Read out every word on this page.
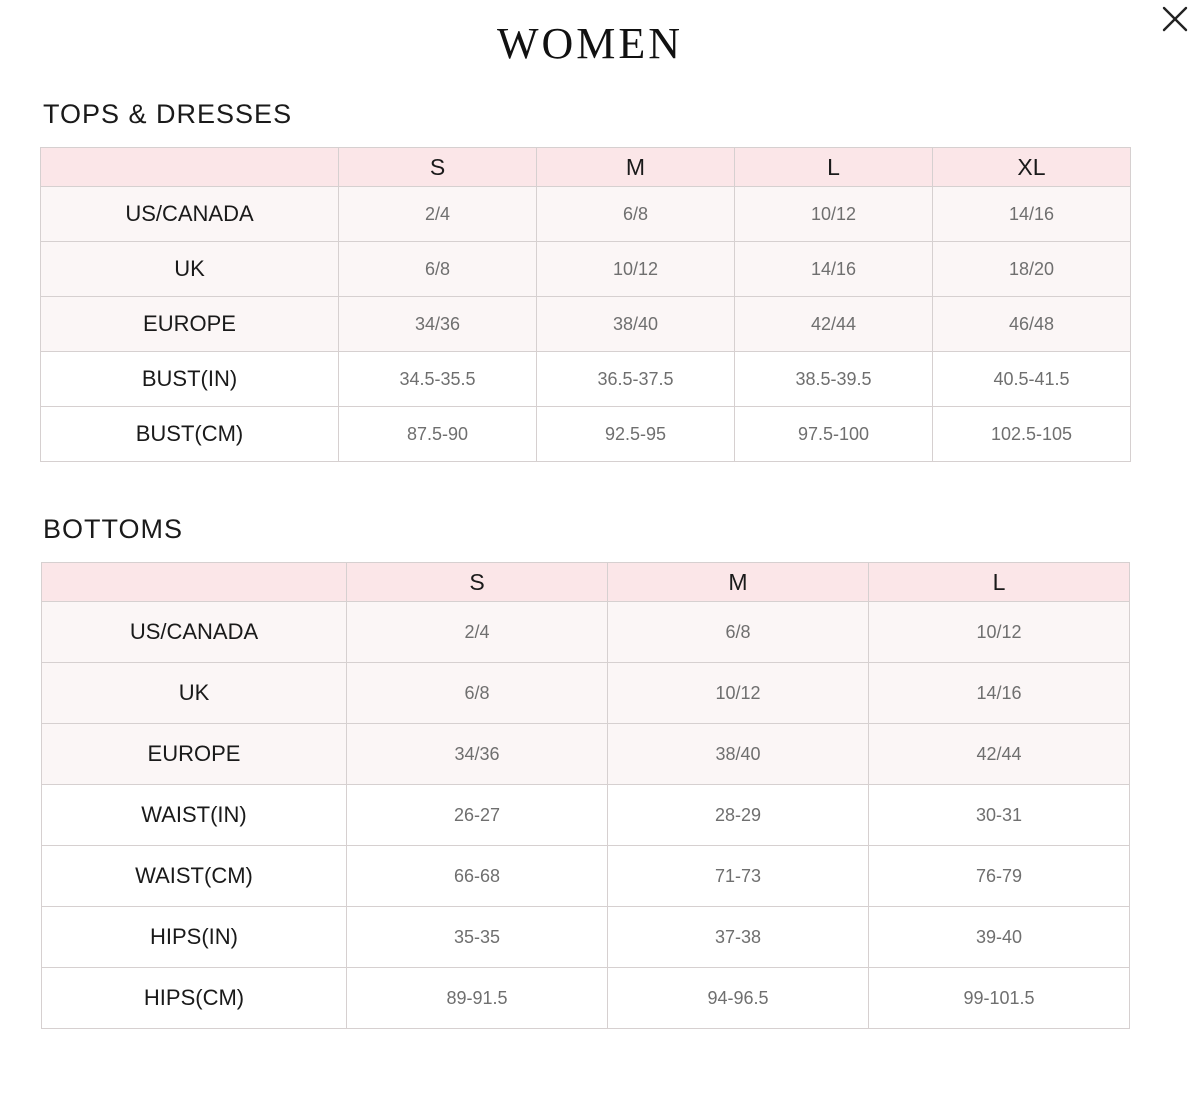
WOMEN
TOPS & DRESSES
	S	M	L	XL
US/CANADA	2/4	6/8	10/12	14/16
UK	6/8	10/12	14/16	18/20
EUROPE	34/36	38/40	42/44	46/48
BUST(IN)	34.5-35.5	36.5-37.5	38.5-39.5	40.5-41.5
BUST(CM)	87.5-90	92.5-95	97.5-100	102.5-105
BOTTOMS
	S	M	L
US/CANADA	2/4	6/8	10/12
UK	6/8	10/12	14/16
EUROPE	34/36	38/40	42/44
WAIST(IN)	26-27	28-29	30-31
WAIST(CM)	66-68	71-73	76-79
HIPS(IN)	35-35	37-38	39-40
HIPS(CM)	89-91.5	94-96.5	99-101.5
